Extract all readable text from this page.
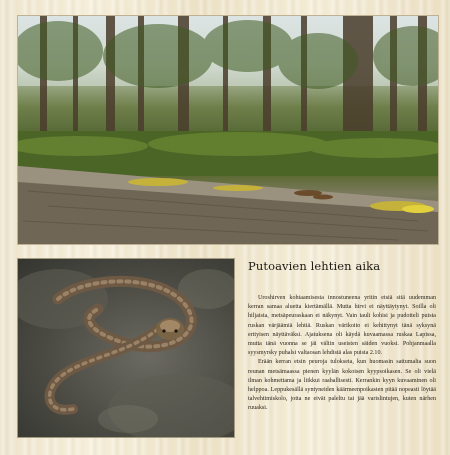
Putoavien lehtien aika

Uroshirven kohtaamisesta innostuneena yritin etsiä sitä uudemman kerran samaa aluetta kiertämällä. Mutta hirvi ei näyttäytynyt. Soilla oli hiljaista, metsäpeuraskaan ei näkynyt. Vain tauli kohisi ja pudotteli puista ruskan värjäämiä lehtiä. Ruskan värikoito ei kehittynyt tänä syksynä erityisen näyttäväksi. Ajatuksena oli käydä kuvaamassa ruskaa Lapissa, mutta tänä vuonna se jäi väliin useisten säiden vuoksi. Pohjanmaalla syysmyrsky puhalsi valtaosan lehdistä alas puista 2.10.

Erään kerran etsin peuroja tulokseta, kun huomasin sattumalta suon reunan metsämaassa pienen kyylän kokoisen kyypsoikasen. Se oli vielä ilman kohmettama ja liikkui raahallisesti. Kerrankin kyyn kuvaaminen oli helppoa. Leppukesällä syntyneiden käärmeenpoikasten pitää nopeasti löytää talvehtimiskolo, jotta ne eivät paleltu tai jää varislintujen, kuten närhen ruuaksi.
